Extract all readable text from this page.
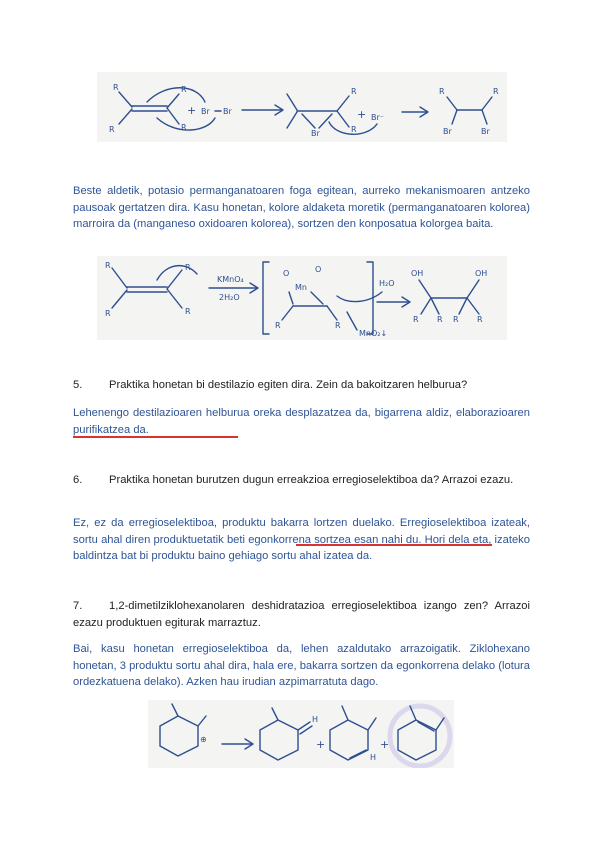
R
R
R
R
+ Br Br
Br
R
R
+ Br⁻
R	R
Br	Br
Beste aldetik, potasio permanganatoaren foga egitean, aurreko mekanismoaren antzeko pausoak gertatzen dira. Kasu honetan, kolore aldaketa moretik (permanganatoaren kolorea) marroira da (manganeso oxidoaren kolorea), sortzen den konposatua kolorgea baita.
R
R
R
R
KMnO₄
2H₂O
O	O
Mn
R	R
H₂O
MnO₂↓
OH	OH
R R R R
5. Praktika honetan bi destilazio egiten dira. Zein da bakoitzaren helburua?
Lehenengo destilazioaren helburua oreka desplazatzea da, bigarrena aldiz, elaborazioaren purifikatzea da.
6. Praktika honetan burutzen dugun erreakzioa erregioselektiboa da? Arrazoi ezazu.
Ez, ez da erregioselektiboa, produktu bakarra lortzen duelako. Erregioselektiboa izateak, sortu ahal diren produktuetatik beti egonkorrena sortzea esan nahi du. Hori dela eta, izateko baldintza bat bi produktu baino gehiago sortu ahal izatea da.
7. 1,2-dimetilziklohexanolaren deshidratazioa erregioselektiboa izango zen? Arrazoi ezazu produktuen egiturak marraztuz.
Bai, kasu honetan erregioselektiboa da, lehen azaldutako arrazoigatik. Ziklohexano honetan, 3 produktu sortu ahal dira, hala ere, bakarra sortzen da egonkorrena delako (lotura ordezkatuena delako). Azken hau irudian azpimarratuta dago.
⊕
H
+
H
+
